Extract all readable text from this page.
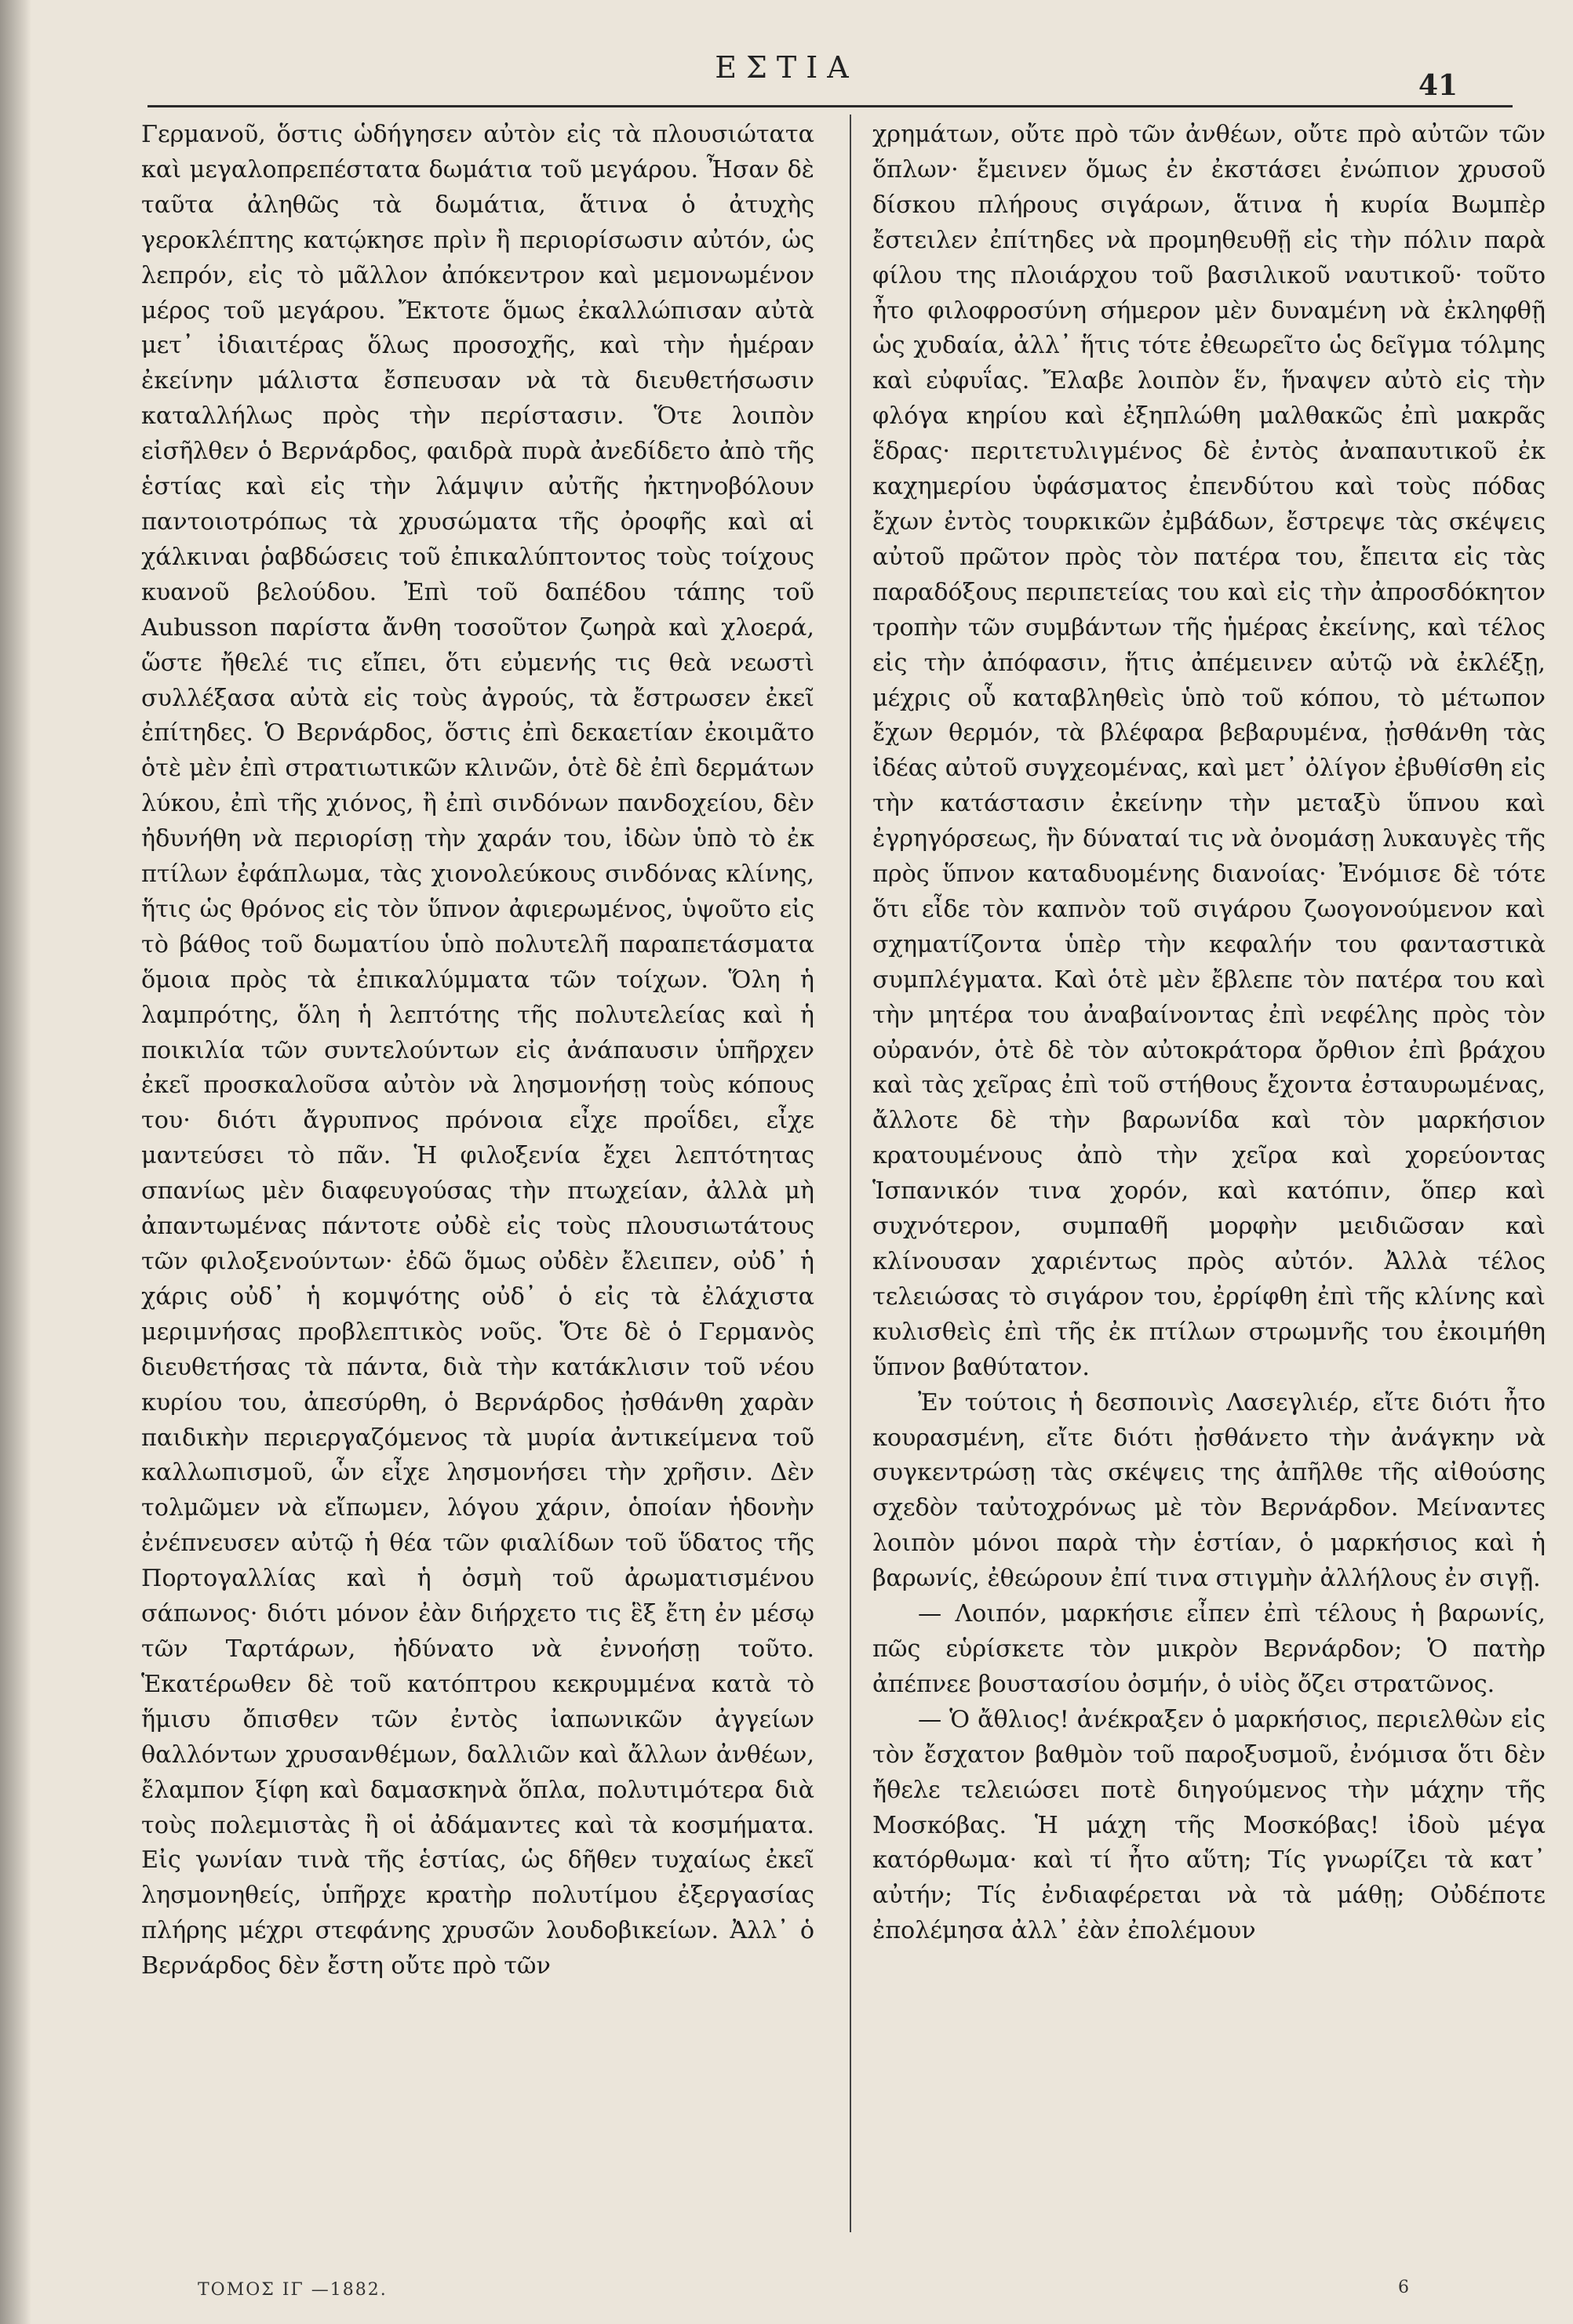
ΕΣΤΙΑ
41

Γερμανοῦ, ὅστις ὡδήγησεν αὐτὸν εἰς τὰ πλουσιώτατα καὶ μεγαλοπρεπέστατα δωμάτια τοῦ μεγάρου. Ἦσαν δὲ ταῦτα ἀληθῶς τὰ δωμάτια, ἅτινα ὁ ἀτυχὴς γεροκλέπτης κατῴκησε πρὶν ἢ περιορίσωσιν αὐτόν, ὡς λεπρόν, εἰς τὸ μᾶλλον ἀπόκεντρον καὶ μεμονωμένον μέρος τοῦ μεγάρου. Ἔκτοτε ὅμως ἐκαλλώπισαν αὐτὰ μετ᾽ ἰδιαιτέρας ὅλως προσοχῆς, καὶ τὴν ἡμέραν ἐκείνην μάλιστα ἔσπευσαν νὰ τὰ διευθετήσωσιν καταλλήλως πρὸς τὴν περίστασιν. Ὅτε λοιπὸν εἰσῆλθεν ὁ Βερνάρδος, φαιδρὰ πυρὰ ἀνεδίδετο ἀπὸ τῆς ἑστίας καὶ εἰς τὴν λάμψιν αὐτῆς ἠκτηνοβόλουν παντοιοτρόπως τὰ χρυσώματα τῆς ὀροφῆς καὶ αἱ χάλκιναι ῥαβδώσεις τοῦ ἐπικαλύπτοντος τοὺς τοίχους κυανοῦ βελούδου. Ἐπὶ τοῦ δαπέδου τάπης τοῦ Aubusson παρίστα ἄνθη τοσοῦτον ζωηρὰ καὶ χλοερά, ὥστε ἤθελέ τις εἴπει, ὅτι εὐμενής τις θεὰ νεωστὶ συλλέξασα αὐτὰ εἰς τοὺς ἀγρούς, τὰ ἔστρωσεν ἐκεῖ ἐπίτηδες. Ὁ Βερνάρδος, ὅστις ἐπὶ δεκαετίαν ἐκοιμᾶτο ὁτὲ μὲν ἐπὶ στρατιωτικῶν κλινῶν, ὁτὲ δὲ ἐπὶ δερμάτων λύκου, ἐπὶ τῆς χιόνος, ἢ ἐπὶ σινδόνων πανδοχείου, δὲν ἠδυνήθη νὰ περιορίσῃ τὴν χαράν του, ἰδὼν ὑπὸ τὸ ἐκ πτίλων ἐφάπλωμα, τὰς χιονολεύκους σινδόνας κλίνης, ἥτις ὡς θρόνος εἰς τὸν ὕπνον ἀφιερωμένος, ὑψοῦτο εἰς τὸ βάθος τοῦ δωματίου ὑπὸ πολυτελῆ παραπετάσματα ὅμοια πρὸς τὰ ἐπικαλύμματα τῶν τοίχων. Ὅλη ἡ λαμπρότης, ὅλη ἡ λεπτότης τῆς πολυτελείας καὶ ἡ ποικιλία τῶν συντελούντων εἰς ἀνάπαυσιν ὑπῆρχεν ἐκεῖ προσκαλοῦσα αὐτὸν νὰ λησμονήσῃ τοὺς κόπους του· διότι ἄγρυπνος πρόνοια εἶχε προΐδει, εἶχε μαντεύσει τὸ πᾶν. Ἡ φιλοξενία ἔχει λεπτότητας σπανίως μὲν διαφευγούσας τὴν πτωχείαν, ἀλλὰ μὴ ἀπαντωμένας πάντοτε οὐδὲ εἰς τοὺς πλουσιωτάτους τῶν φιλοξενούντων· ἐδῶ ὅμως οὐδὲν ἔλειπεν, οὐδ᾽ ἡ χάρις οὐδ᾽ ἡ κομψότης οὐδ᾽ ὁ εἰς τὰ ἐλάχιστα μεριμνήσας προβλεπτικὸς νοῦς. Ὅτε δὲ ὁ Γερμανὸς διευθετήσας τὰ πάντα, διὰ τὴν κατάκλισιν τοῦ νέου κυρίου του, ἀπεσύρθη, ὁ Βερνάρδος ᾐσθάνθη χαρὰν παιδικὴν περιεργαζόμενος τὰ μυρία ἀντικείμενα τοῦ καλλωπισμοῦ, ὧν εἶχε λησμονήσει τὴν χρῆσιν. Δὲν τολμῶμεν νὰ εἴπωμεν, λόγου χάριν, ὁποίαν ἡδονὴν ἐνέπνευσεν αὐτῷ ἡ θέα τῶν φιαλίδων τοῦ ὕδατος τῆς Πορτογαλλίας καὶ ἡ ὀσμὴ τοῦ ἀρωματισμένου σάπωνος· διότι μόνον ἐὰν διήρχετο τις ἓξ ἔτη ἐν μέσῳ τῶν Ταρτάρων, ἠδύνατο νὰ ἐννοήσῃ τοῦτο. Ἑκατέρωθεν δὲ τοῦ κατόπτρου κεκρυμμένα κατὰ τὸ ἥμισυ ὄπισθεν τῶν ἐντὸς ἰαπωνικῶν ἀγγείων θαλλόντων χρυσανθέμων, δαλλιῶν καὶ ἄλλων ἀνθέων, ἔλαμπον ξίφη καὶ δαμασκηνὰ ὅπλα, πολυτιμότερα διὰ τοὺς πολεμιστὰς ἢ οἱ ἀδάμαντες καὶ τὰ κοσμήματα. Εἰς γωνίαν τινὰ τῆς ἑστίας, ὡς δῆθεν τυχαίως ἐκεῖ λησμονηθείς, ὑπῆρχε κρατὴρ πολυτίμου ἐξεργασίας πλήρης μέχρι στεφάνης χρυσῶν λουδοβικείων. Ἀλλ᾽ ὁ Βερνάρδος δὲν ἔστη οὔτε πρὸ τῶν

χρημάτων, οὔτε πρὸ τῶν ἀνθέων, οὔτε πρὸ αὐτῶν τῶν ὅπλων· ἔμεινεν ὅμως ἐν ἐκστάσει ἐνώπιον χρυσοῦ δίσκου πλήρους σιγάρων, ἅτινα ἡ κυρία Βωμπὲρ ἔστειλεν ἐπίτηδες νὰ προμηθευθῇ εἰς τὴν πόλιν παρὰ φίλου της πλοιάρχου τοῦ βασιλικοῦ ναυτικοῦ· τοῦτο ἦτο φιλοφροσύνη σήμερον μὲν δυναμένη νὰ ἐκληφθῇ ὡς χυδαία, ἀλλ᾽ ἥτις τότε ἐθεωρεῖτο ὡς δεῖγμα τόλμης καὶ εὐφυΐας. Ἔλαβε λοιπὸν ἕν, ἥναψεν αὐτὸ εἰς τὴν φλόγα κηρίου καὶ ἐξηπλώθη μαλθακῶς ἐπὶ μακρᾶς ἕδρας· περιτετυλιγμένος δὲ ἐντὸς ἀναπαυτικοῦ ἐκ καχημερίου ὑφάσματος ἐπενδύτου καὶ τοὺς πόδας ἔχων ἐντὸς τουρκικῶν ἐμβάδων, ἔστρεψε τὰς σκέψεις αὐτοῦ πρῶτον πρὸς τὸν πατέρα του, ἔπειτα εἰς τὰς παραδόξους περιπετείας του καὶ εἰς τὴν ἀπροσδόκητον τροπὴν τῶν συμβάντων τῆς ἡμέρας ἐκείνης, καὶ τέλος εἰς τὴν ἀπόφασιν, ἥτις ἀπέμεινεν αὐτῷ νὰ ἐκλέξῃ, μέχρις οὗ καταβληθεὶς ὑπὸ τοῦ κόπου, τὸ μέτωπον ἔχων θερμόν, τὰ βλέφαρα βεβαρυμένα, ᾐσθάνθη τὰς ἰδέας αὐτοῦ συγχεομένας, καὶ μετ᾽ ὀλίγον ἐβυθίσθη εἰς τὴν κατάστασιν ἐκείνην τὴν μεταξὺ ὕπνου καὶ ἐγρηγόρσεως, ἣν δύναταί τις νὰ ὀνομάσῃ λυκαυγὲς τῆς πρὸς ὕπνον καταδυομένης διανοίας· Ἐνόμισε δὲ τότε ὅτι εἶδε τὸν καπνὸν τοῦ σιγάρου ζωογονούμενον καὶ σχηματίζοντα ὑπὲρ τὴν κεφαλήν του φανταστικὰ συμπλέγματα. Καὶ ὁτὲ μὲν ἔβλεπε τὸν πατέρα του καὶ τὴν μητέρα του ἀναβαίνοντας ἐπὶ νεφέλης πρὸς τὸν οὐρανόν, ὁτὲ δὲ τὸν αὐτοκράτορα ὄρθιον ἐπὶ βράχου καὶ τὰς χεῖρας ἐπὶ τοῦ στήθους ἔχοντα ἐσταυρωμένας, ἄλλοτε δὲ τὴν βαρωνίδα καὶ τὸν μαρκήσιον κρατουμένους ἀπὸ τὴν χεῖρα καὶ χορεύοντας Ἱσπανικόν τινα χορόν, καὶ κατόπιν, ὅπερ καὶ συχνότερον, συμπαθῆ μορφὴν μειδιῶσαν καὶ κλίνουσαν χαριέντως πρὸς αὐτόν. Ἀλλὰ τέλος τελειώσας τὸ σιγάρον του, ἐρρίφθη ἐπὶ τῆς κλίνης καὶ κυλισθεὶς ἐπὶ τῆς ἐκ πτίλων στρωμνῆς του ἐκοιμήθη ὕπνον βαθύτατον.

Ἐν τούτοις ἡ δεσποινὶς Λασεγλιέρ, εἴτε διότι ἦτο κουρασμένη, εἴτε διότι ᾐσθάνετο τὴν ἀνάγκην νὰ συγκεντρώσῃ τὰς σκέψεις της ἀπῆλθε τῆς αἰθούσης σχεδὸν ταὐτοχρόνως μὲ τὸν Βερνάρδον. Μείναντες λοιπὸν μόνοι παρὰ τὴν ἑστίαν, ὁ μαρκήσιος καὶ ἡ βαρωνίς, ἐθεώρουν ἐπί τινα στιγμὴν ἀλλήλους ἐν σιγῇ.

— Λοιπόν, μαρκήσιε εἶπεν ἐπὶ τέλους ἡ βαρωνίς, πῶς εὑρίσκετε τὸν μικρὸν Βερνάρδον; Ὁ πατὴρ ἀπέπνεε βουστασίου ὀσμήν, ὁ υἱὸς ὄζει στρατῶνος.

— Ὁ ἄθλιος! ἀνέκραξεν ὁ μαρκήσιος, περιελθὼν εἰς τὸν ἔσχατον βαθμὸν τοῦ παροξυσμοῦ, ἐνόμισα ὅτι δὲν ἤθελε τελειώσει ποτὲ διηγούμενος τὴν μάχην τῆς Μοσκόβας. Ἡ μάχη τῆς Μοσκόβας! ἰδοὺ μέγα κατόρθωμα· καὶ τί ἦτο αὕτη; Τίς γνωρίζει τὰ κατ᾽ αὐτήν; Τίς ἐνδιαφέρεται νὰ τὰ μάθῃ; Οὐδέποτε ἐπολέμησα ἀλλ᾽ ἐὰν ἐπολέμουν

ΤΟΜΟΣ ΙΓ —1882.	6
